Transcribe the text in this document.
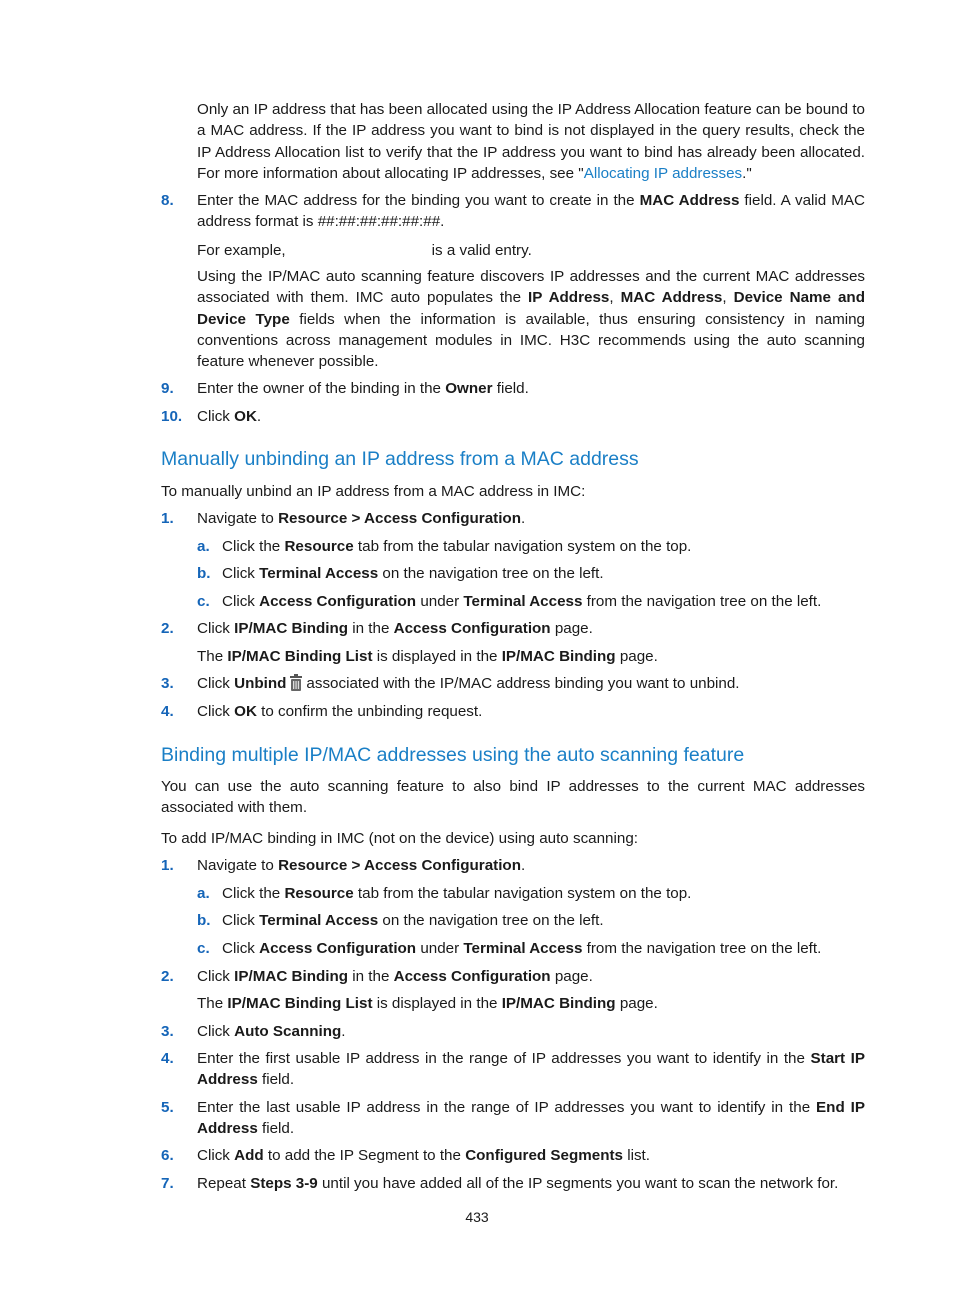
Only an IP address that has been allocated using the IP Address Allocation feature can be bound to a MAC address. If the IP address you want to bind is not displayed in the query results, check the IP Address Allocation list to verify that the IP address you want to bind has already been allocated. For more information about allocating IP addresses, see "Allocating IP addresses."

8. Enter the MAC address for the binding you want to create in the MAC Address field. A valid MAC address format is ##:##:##:##:##:##.

For example,	is a valid entry.

Using the IP/MAC auto scanning feature discovers IP addresses and the current MAC addresses associated with them. IMC auto populates the IP Address, MAC Address, Device Name and Device Type fields when the information is available, thus ensuring consistency in naming conventions across management modules in IMC. H3C recommends using the auto scanning feature whenever possible.

9. Enter the owner of the binding in the Owner field.

10. Click OK.

Manually unbinding an IP address from a MAC address

To manually unbind an IP address from a MAC address in IMC:

1. Navigate to Resource > Access Configuration.

a. Click the Resource tab from the tabular navigation system on the top.

b. Click Terminal Access on the navigation tree on the left.

c. Click Access Configuration under Terminal Access from the navigation tree on the left.

2. Click IP/MAC Binding in the Access Configuration page.

The IP/MAC Binding List is displayed in the IP/MAC Binding page.

3. Click Unbind associated with the IP/MAC address binding you want to unbind.

4. Click OK to confirm the unbinding request.

Binding multiple IP/MAC addresses using the auto scanning feature

You can use the auto scanning feature to also bind IP addresses to the current MAC addresses associated with them.

To add IP/MAC binding in IMC (not on the device) using auto scanning:

1. Navigate to Resource > Access Configuration.

a. Click the Resource tab from the tabular navigation system on the top.

b. Click Terminal Access on the navigation tree on the left.

c. Click Access Configuration under Terminal Access from the navigation tree on the left.

2. Click IP/MAC Binding in the Access Configuration page.

The IP/MAC Binding List is displayed in the IP/MAC Binding page.

3. Click Auto Scanning.

4. Enter the first usable IP address in the range of IP addresses you want to identify in the Start IP Address field.

5. Enter the last usable IP address in the range of IP addresses you want to identify in the End IP Address field.

6. Click Add to add the IP Segment to the Configured Segments list.

7. Repeat Steps 3-9 until you have added all of the IP segments you want to scan the network for.

433
